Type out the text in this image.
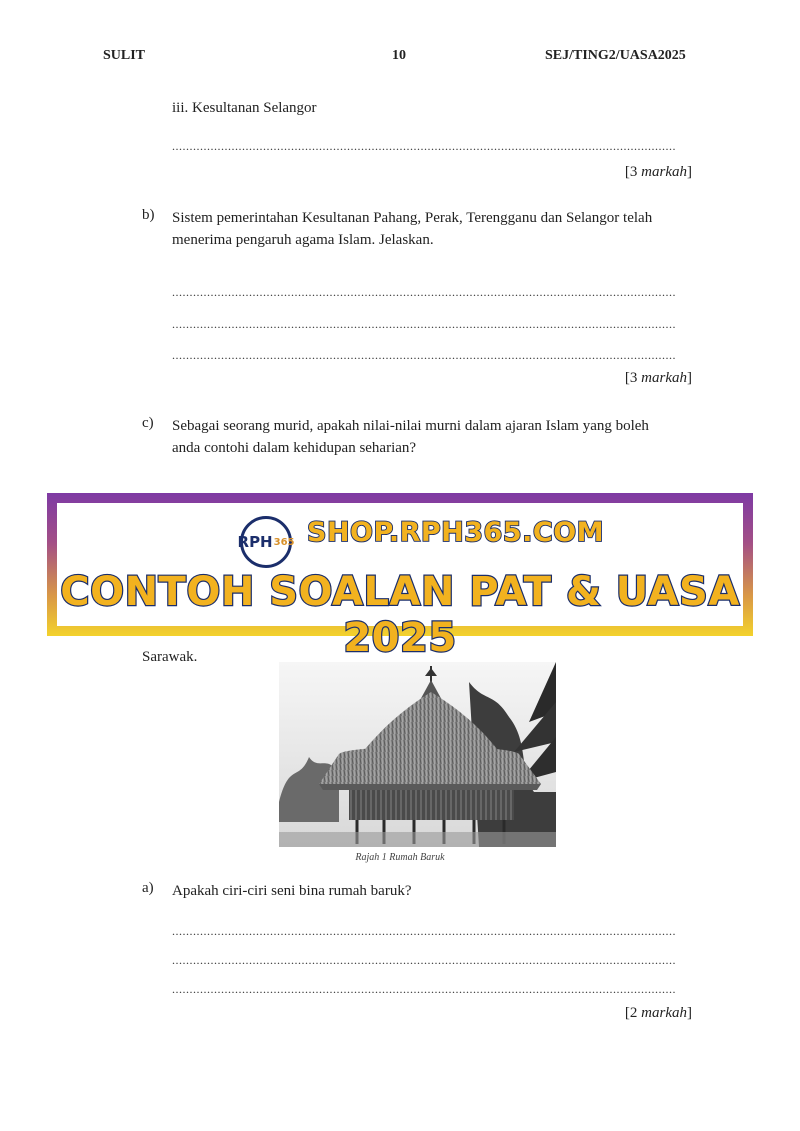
SULIT	10	SEJ/TING2/UASA2025
iii. Kesultanan Selangor
................................................................................................................................................
[3 markah]
b) Sistem pemerintahan Kesultanan Pahang, Perak, Terengganu dan Selangor telah
menerima pengaruh agama Islam. Jelaskan.
................................................................................................................................................
................................................................................................................................................
................................................................................................................................................
[3 markah]
c) Sebagai seorang murid, apakah nilai-nilai murni dalam ajaran Islam yang boleh
anda contohi dalam kehidupan seharian?
RPH 365 SHOP.RPH365.COM
CONTOH SOALAN PAT & UASA 2025
Sarawak.
Rajah 1 Rumah Baruk
a) Apakah ciri-ciri seni bina rumah baruk?
................................................................................................................................................
................................................................................................................................................
................................................................................................................................................
[2 markah]
